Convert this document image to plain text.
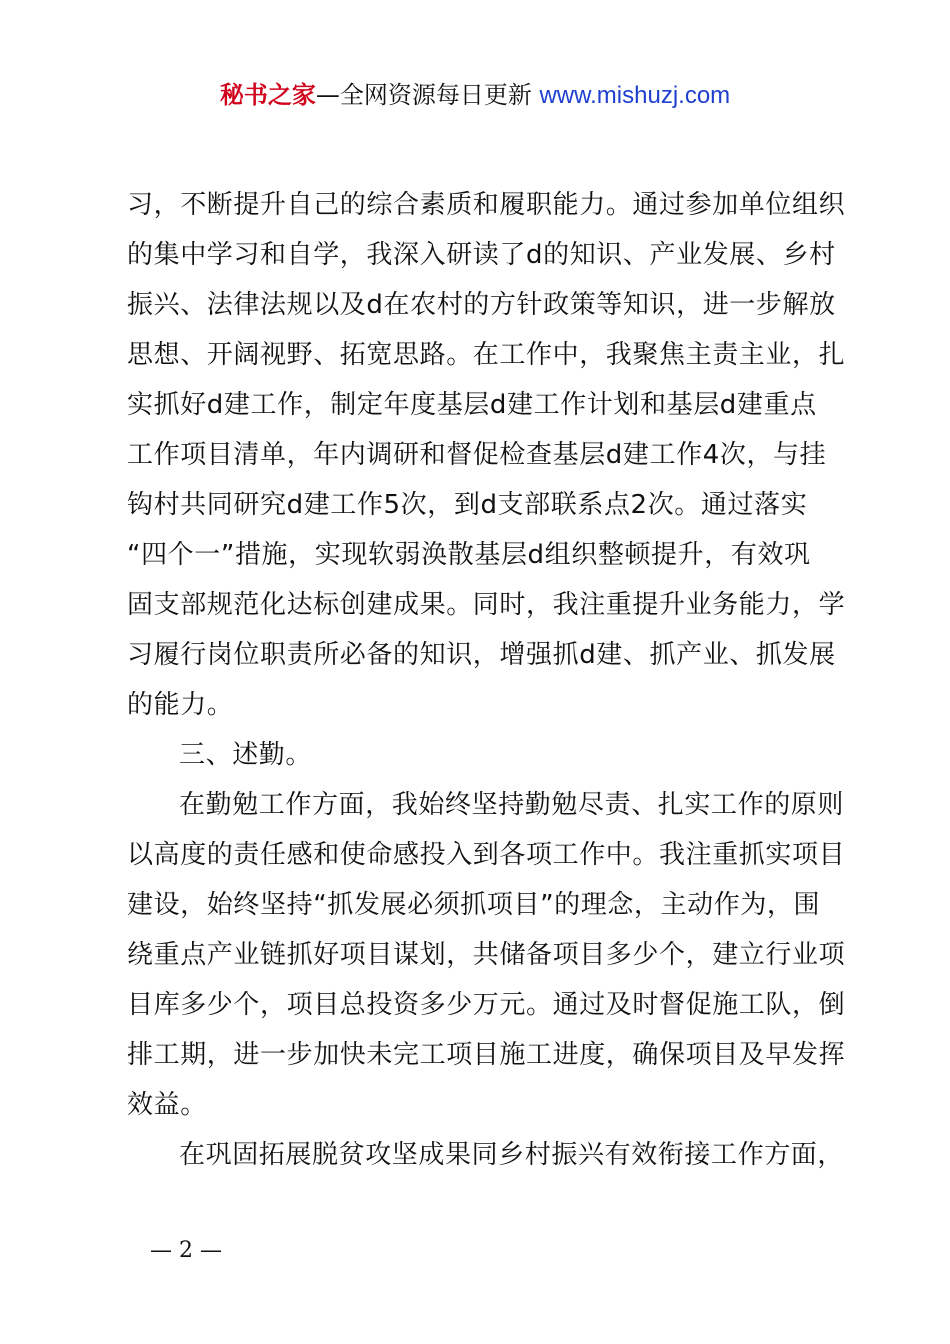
秘书之家—全网资源每日更新 www.mishuzj.com
习，不断提升自己的综合素质和履职能力。通过参加单位组织
的集中学习和自学，我深入研读了d的知识、产业发展、乡村
振兴、法律法规以及d在农村的方针政策等知识，进一步解放
思想、开阔视野、拓宽思路。在工作中，我聚焦主责主业，扎
实抓好d建工作，制定年度基层d建工作计划和基层d建重点
工作项目清单，年内调研和督促检查基层d建工作4次，与挂
钩村共同研究d建工作5次，到d支部联系点2次。通过落实
“四个一”措施，实现软弱涣散基层d组织整顿提升，有效巩
固支部规范化达标创建成果。同时，我注重提升业务能力，学
习履行岗位职责所必备的知识，增强抓d建、抓产业、抓发展
的能力。
三、述勤。
在勤勉工作方面，我始终坚持勤勉尽责、扎实工作的原则
以高度的责任感和使命感投入到各项工作中。我注重抓实项目
建设，始终坚持“抓发展必须抓项目”的理念，主动作为，围
绕重点产业链抓好项目谋划，共储备项目多少个，建立行业项
目库多少个，项目总投资多少万元。通过及时督促施工队，倒
排工期，进一步加快未完工项目施工进度，确保项目及早发挥
效益。
在巩固拓展脱贫攻坚成果同乡村振兴有效衔接工作方面，
— 2 —
